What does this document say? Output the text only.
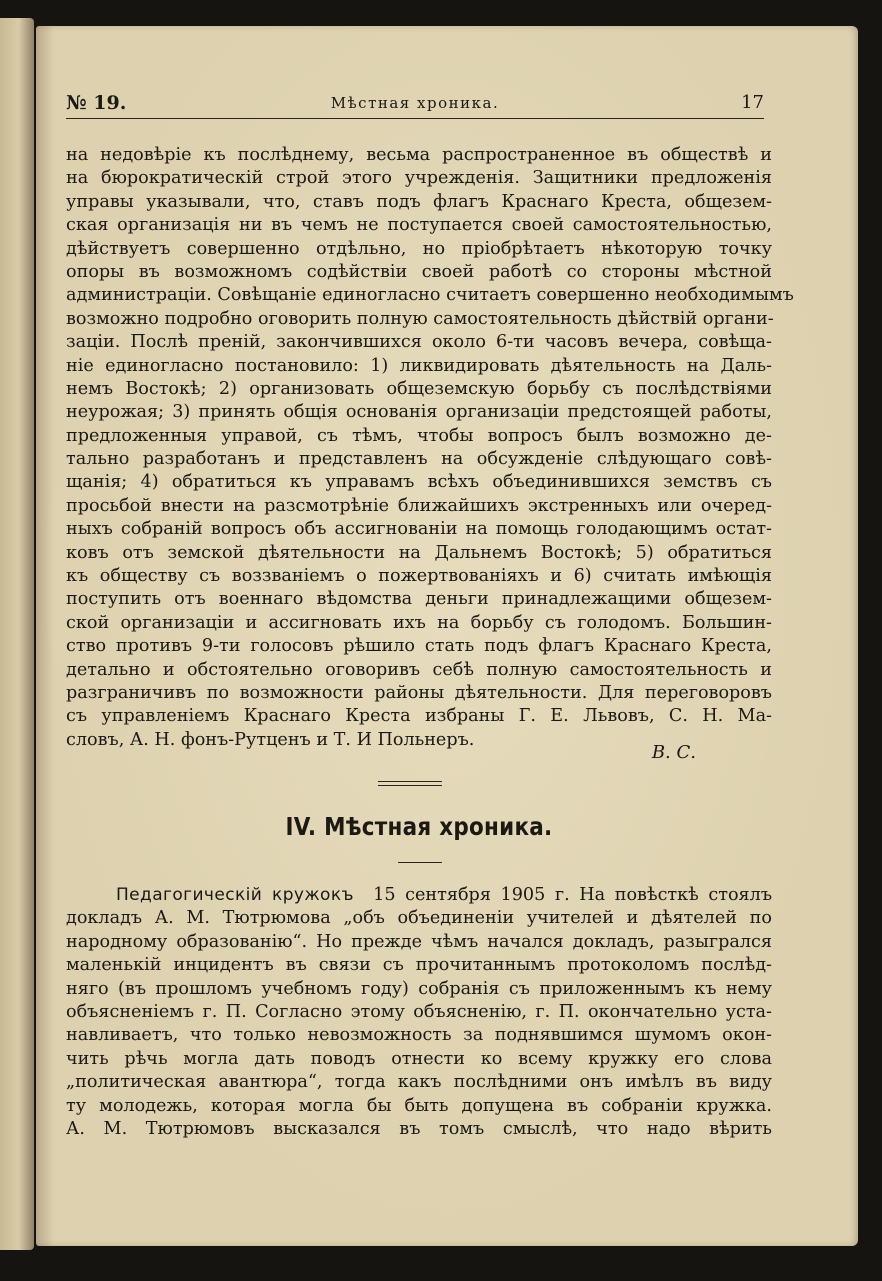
№ 19.	Мѣстная хроника.	17
на недовѣріе къ послѣднему, весьма распространенное въ обществѣ и
на бюрократическій строй этого учрежденія. Защитники предложенія
управы указывали, что, ставъ подъ флагъ Краснаго Креста, общезем-
ская организація ни въ чемъ не поступается своей самостоятельностью,
дѣйствуетъ совершенно отдѣльно, но пріобрѣтаетъ нѣкоторую точку
опоры въ возможномъ содѣйствіи своей работѣ со стороны мѣстной
администраціи. Совѣщаніе единогласно считаетъ совершенно необходимымъ
возможно подробно оговорить полную самостоятельность дѣйствій органи-
заціи. Послѣ преній, закончившихся около 6-ти часовъ вечера, совѣща-
ніе единогласно постановило: 1) ликвидировать дѣятельность на Даль-
немъ Востокѣ; 2) организовать общеземскую борьбу съ послѣдствіями
неурожая; 3) принять общія основанія организаціи предстоящей работы,
предложенныя управой, съ тѣмъ, чтобы вопросъ былъ возможно де-
тально разработанъ и представленъ на обсужденіе слѣдующаго совѣ-
щанія; 4) обратиться къ управамъ всѣхъ объединившихся земствъ съ
просьбой внести на разсмотрѣніе ближайшихъ экстренныхъ или очеред-
ныхъ собраній вопросъ объ ассигнованіи на помощь голодающимъ остат-
ковъ отъ земской дѣятельности на Дальнемъ Востокѣ; 5) обратиться
къ обществу съ воззваніемъ о пожертвованіяхъ и 6) считать имѣющія
поступить отъ военнаго вѣдомства деньги принадлежащими общезем-
ской организаціи и ассигновать ихъ на борьбу съ голодомъ. Большин-
ство противъ 9-ти голосовъ рѣшило стать подъ флагъ Краснаго Креста,
детально и обстоятельно оговоривъ себѣ полную самостоятельность и
разграничивъ по возможности районы дѣятельности. Для переговоровъ
съ управленіемъ Краснаго Креста избраны Г. Е. Львовъ, С. Н. Ма-
словъ, А. Н. фонъ-Рутценъ и Т. И Польнеръ.
В. С.
IV. Мѣстная хроника.
Педагогическій кружокъ 15 сентября 1905 г. На повѣсткѣ стоялъ
докладъ А. М. Тютрюмова „объ объединеніи учителей и дѣятелей по
народному образованію“. Но прежде чѣмъ начался докладъ, разыгрался
маленькій инцидентъ въ связи съ прочитаннымъ протоколомъ послѣд-
няго (въ прошломъ учебномъ году) собранія съ приложеннымъ къ нему
объясненіемъ г. П. Согласно этому объясненію, г. П. окончательно уста-
навливаетъ, что только невозможность за поднявшимся шумомъ окон-
чить рѣчь могла дать поводъ отнести ко всему кружку его слова
„политическая авантюра“, тогда какъ послѣдними онъ имѣлъ въ виду
ту молодежь, которая могла бы быть допущена въ собраніи кружка.
А. М. Тютрюмовъ высказался въ томъ смыслѣ, что надо вѣрить
